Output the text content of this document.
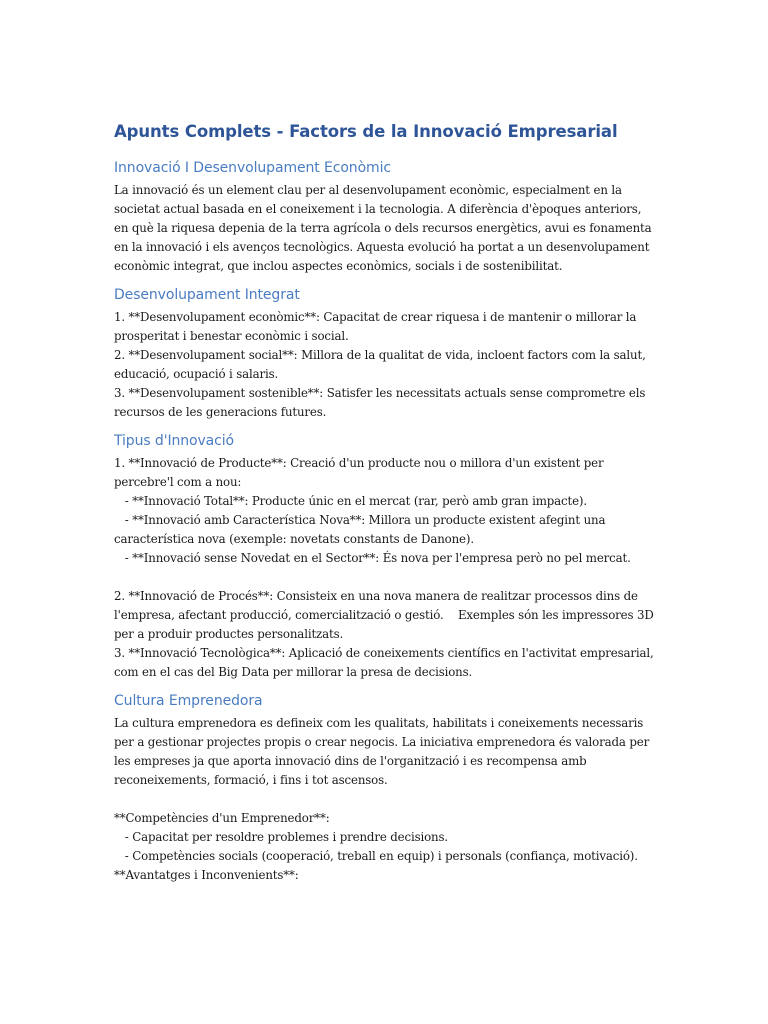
Apunts Complets - Factors de la Innovació Empresarial
Innovació I Desenvolupament Econòmic

La innovació és un element clau per al desenvolupament econòmic, especialment en la societat actual basada en el coneixement i la tecnologia. A diferència d'èpoques anteriors, en què la riquesa depenia de la terra agrícola o dels recursos energètics, avui es fonamenta en la innovació i els avenços tecnològics. Aquesta evolució ha portat a un desenvolupament econòmic integrat, que inclou aspectes econòmics, socials i de sostenibilitat.

Desenvolupament Integrat

1. **Desenvolupament econòmic**: Capacitat de crear riquesa i de mantenir o millorar la

prosperitat i benestar econòmic i social.

2. **Desenvolupament social**: Millora de la qualitat de vida, incloent factors com la salut,

educació, ocupació i salaris.

3. **Desenvolupament sostenible**: Satisfer les necessitats actuals sense comprometre els

recursos de les generacions futures.

Tipus d'Innovació

1. **Innovació de Producte**: Creació d'un producte nou o millora d'un existent per

percebre'l com a nou:

- **Innovació Total**: Producte únic en el mercat (rar, però amb gran impacte).

- **Innovació amb Característica Nova**: Millora un producte existent afegint una

característica nova (exemple: novetats constants de Danone).

- **Innovació sense Novedat en el Sector**: És nova per l'empresa però no pel mercat.

2. **Innovació de Procés**: Consisteix en una nova manera de realitzar processos dins de

l'empresa, afectant producció, comercialització o gestió.    Exemples són les impressores 3D

per a produir productes personalitzats.

3. **Innovació Tecnològica**: Aplicació de coneixements científics en l'activitat empresarial,

com en el cas del Big Data per millorar la presa de decisions.

Cultura Emprenedora

La cultura emprenedora es defineix com les qualitats, habilitats i coneixements necessaris

per a gestionar projectes propis o crear negocis. La iniciativa emprenedora és valorada per

les empreses ja que aporta innovació dins de l'organització i es recompensa amb

reconeixements, formació, i fins i tot ascensos.

**Competències d'un Emprenedor**:

- Capacitat per resoldre problemes i prendre decisions.

- Competències socials (cooperació, treball en equip) i personals (confiança, motivació).

**Avantatges i Inconvenients**:
